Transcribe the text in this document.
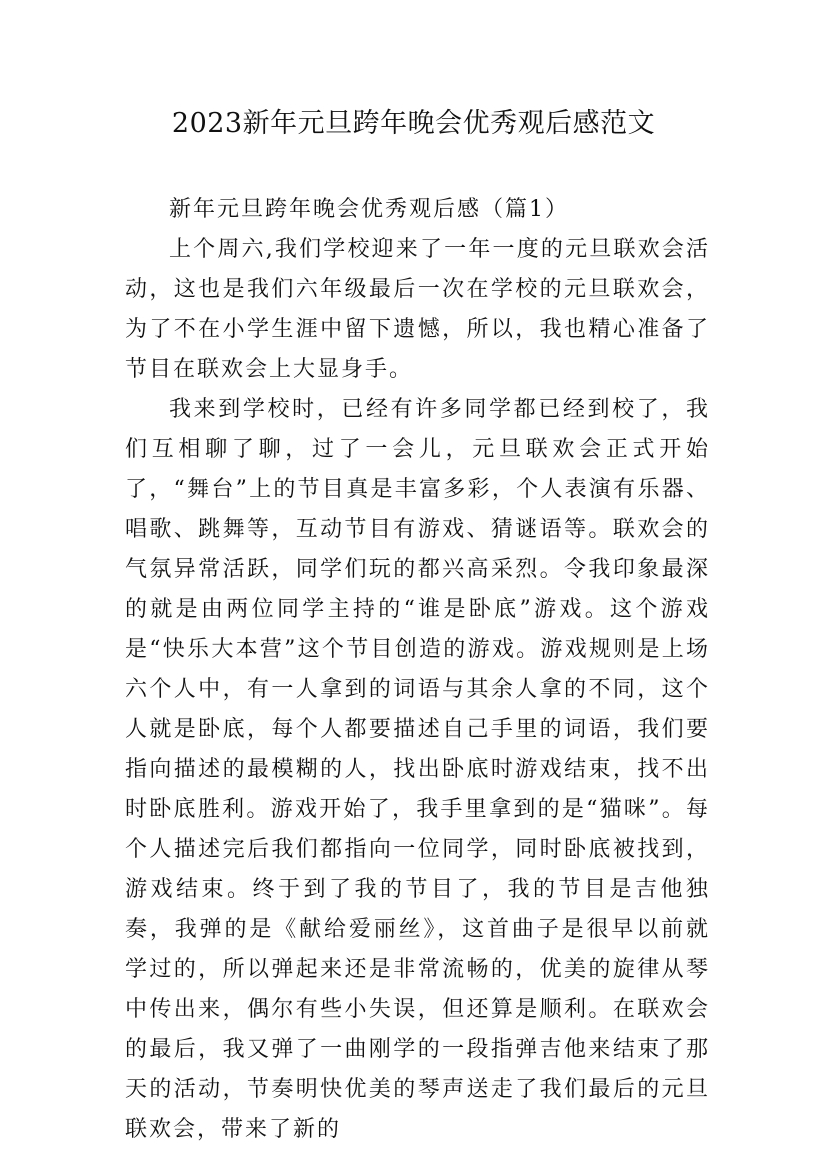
2023新年元旦跨年晚会优秀观后感范文

新年元旦跨年晚会优秀观后感（篇1）

上个周六,我们学校迎来了一年一度的元旦联欢会活动，这也是我们六年级最后一次在学校的元旦联欢会，为了不在小学生涯中留下遗憾，所以，我也精心准备了节目在联欢会上大显身手。

我来到学校时，已经有许多同学都已经到校了，我们互相聊了聊，过了一会儿，元旦联欢会正式开始了，“舞台”上的节目真是丰富多彩，个人表演有乐器、唱歌、跳舞等，互动节目有游戏、猜谜语等。联欢会的气氛异常活跃，同学们玩的都兴高采烈。令我印象最深的就是由两位同学主持的“谁是卧底”游戏。这个游戏是“快乐大本营”这个节目创造的游戏。游戏规则是上场六个人中，有一人拿到的词语与其余人拿的不同，这个人就是卧底，每个人都要描述自己手里的词语，我们要指向描述的最模糊的人，找出卧底时游戏结束，找不出时卧底胜利。游戏开始了，我手里拿到的是“猫咪”。每个人描述完后我们都指向一位同学，同时卧底被找到，游戏结束。终于到了我的节目了，我的节目是吉他独奏，我弹的是《献给爱丽丝》，这首曲子是很早以前就学过的，所以弹起来还是非常流畅的，优美的旋律从琴中传出来，偶尔有些小失误，但还算是顺利。在联欢会的最后，我又弹了一曲刚学的一段指弹吉他来结束了那天的活动，节奏明快优美的琴声送走了我们最后的元旦联欢会，带来了新的
